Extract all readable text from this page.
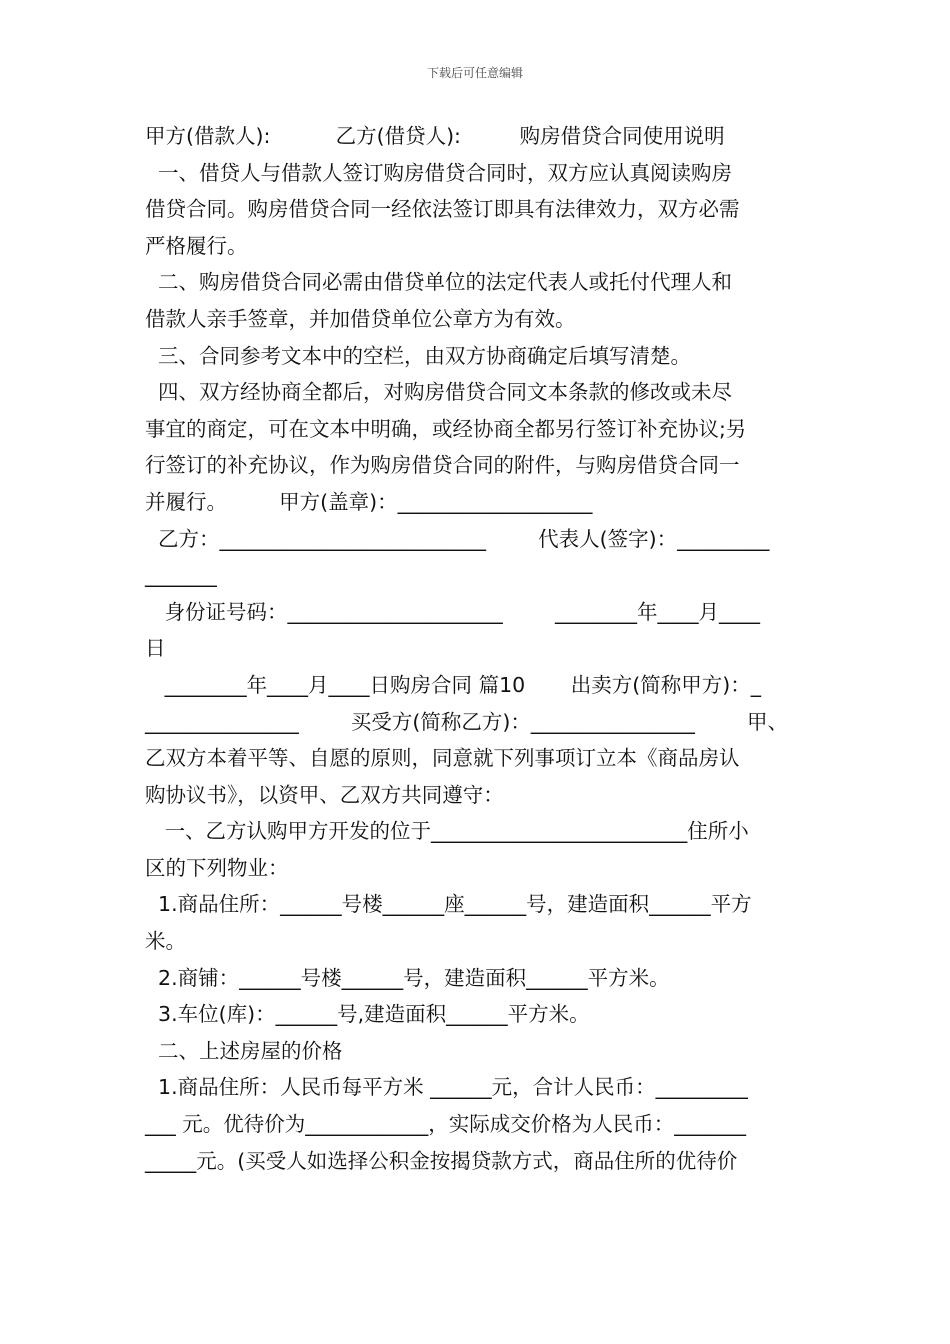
下载后可任意编辑

甲方(借款人):          乙方(借贷人):         购房借贷合同使用说明

一、借贷人与借款人签订购房借贷合同时，双方应认真阅读购房

借贷合同。购房借贷合同一经依法签订即具有法律效力，双方必需

严格履行。

二、购房借贷合同必需由借贷单位的法定代表人或托付代理人和

借款人亲手签章，并加借贷单位公章方为有效。

三、合同参考文本中的空栏，由双方协商确定后填写清楚。

四、双方经协商全都后，对购房借贷合同文本条款的修改或未尽

事宜的商定，可在文本中明确，或经协商全都另行签订补充协议;另

行签订的补充协议，作为购房借贷合同的附件，与购房借贷合同一

并履行。        甲方(盖章)：___________________

乙方：__________________________        代表人(签字)：_________

_______

身份证号码：_____________________        ________年____月____

日

________年____月____日购房合同 篇10       出卖方(简称甲方)：_

_______________        买受方(简称乙方)：________________        甲、

乙双方本着平等、自愿的原则，同意就下列事项订立本《商品房认

购协议书》，以资甲、乙双方共同遵守：

一、乙方认购甲方开发的位于_________________________住所小

区的下列物业：

1.商品住所：______号楼______座______号，建造面积______平方

米。

2.商铺：______号楼______号，建造面积______平方米。

3.车位(库)：______号,建造面积______平方米。

二、上述房屋的价格

1.商品住所：人民币每平方米 ______元，合计人民币：_________

___ 元。优待价为____________，实际成交价格为人民币：_______

_____元。(买受人如选择公积金按揭贷款方式，商品住所的优待价
